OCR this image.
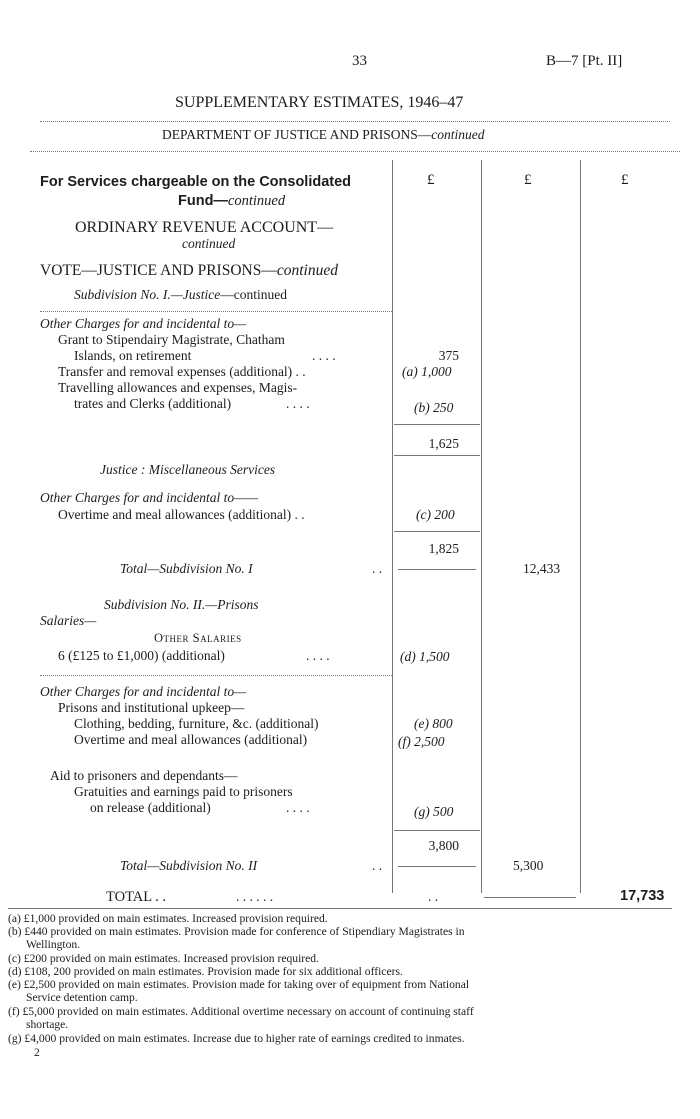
33	B—7 [Pt. II]
SUPPLEMENTARY ESTIMATES, 1946–47
DEPARTMENT OF JUSTICE AND PRISONS—continued
£	£	£
For Services chargeable on the Consolidated
Fund—continued
ORDINARY REVENUE ACCOUNT—
continued
VOTE—JUSTICE AND PRISONS—continued
Subdivision No. I.—Justice—continued
Other Charges for and incidental to—
Grant to Stipendairy Magistrate, Chatham
Islands, on retirement	. . . .	375
Transfer and removal expenses (additional) . .	(a) 1,000
Travelling allowances and expenses, Magis-
trates and Clerks (additional)	. . . .	(b) 250
1,625
Justice : Miscellaneous Services
Other Charges for and incidental to——
Overtime and meal allowances (additional) . .	(c) 200
1,825
Total—Subdivision No. I	. .	12,433
Subdivision No. II.—Prisons
Salaries—
Other Salaries
6 (£125 to £1,000) (additional)	. . . .	(d) 1,500
Other Charges for and incidental to—
Prisons and institutional upkeep—
Clothing, bedding, furniture, &c. (additional)	(e) 800
Overtime and meal allowances (additional)	(f) 2,500
Aid to prisoners and dependants—
Gratuities and earnings paid to prisoners
on release (additional)	. . . .	(g) 500
3,800
Total—Subdivision No. II	. .	5,300
TOTAL . .	. . . . . .	. .	17,733
(a) £1,000 provided on main estimates. Increased provision required.
(b) £440 provided on main estimates. Provision made for conference of Stipendiary Magistrates in
Wellington.
(c) £200 provided on main estimates. Increased provision required.
(d) £108, 200 provided on main estimates. Provision made for six additional officers.
(e) £2,500 provided on main estimates. Provision made for taking over of equipment from National
Service detention camp.
(f) £5,000 provided on main estimates. Additional overtime necessary on account of continuing staff
shortage.
(g) £4,000 provided on main estimates. Increase due to higher rate of earnings credited to inmates.
2
